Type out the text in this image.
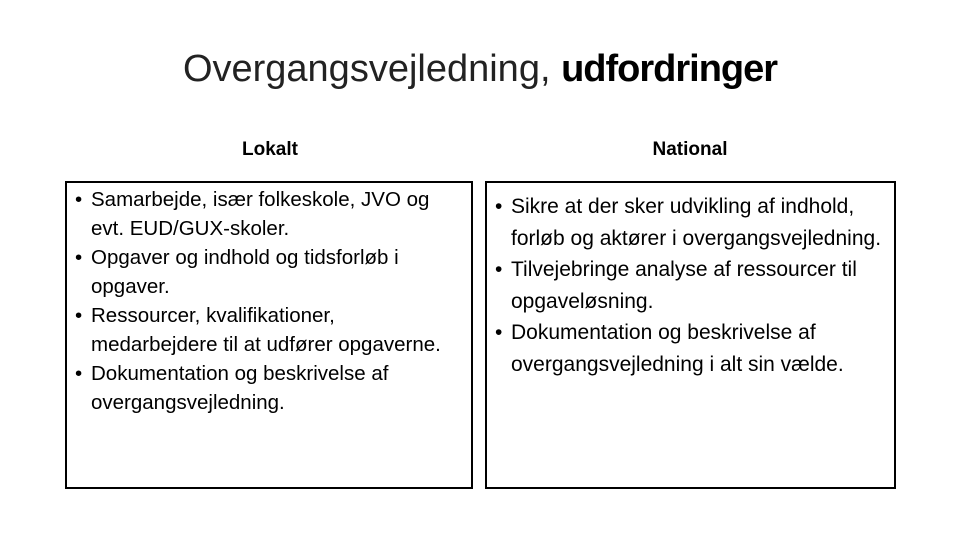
Overgangsvejledning, udfordringer
Lokalt	National
• Samarbejde, især folkeskole, JVO og evt. EUD/GUX-skoler.
• Opgaver og indhold og tidsforløb i opgaver.
• Ressourcer, kvalifikationer, medarbejdere til at udfører opgaverne.
• Dokumentation og beskrivelse af overgangsvejledning.
• Sikre at der sker udvikling af indhold, forløb og aktører i overgangsvejledning.
• Tilvejebringe analyse af ressourcer til opgaveløsning.
• Dokumentation og beskrivelse af overgangsvejledning i alt sin vælde.
